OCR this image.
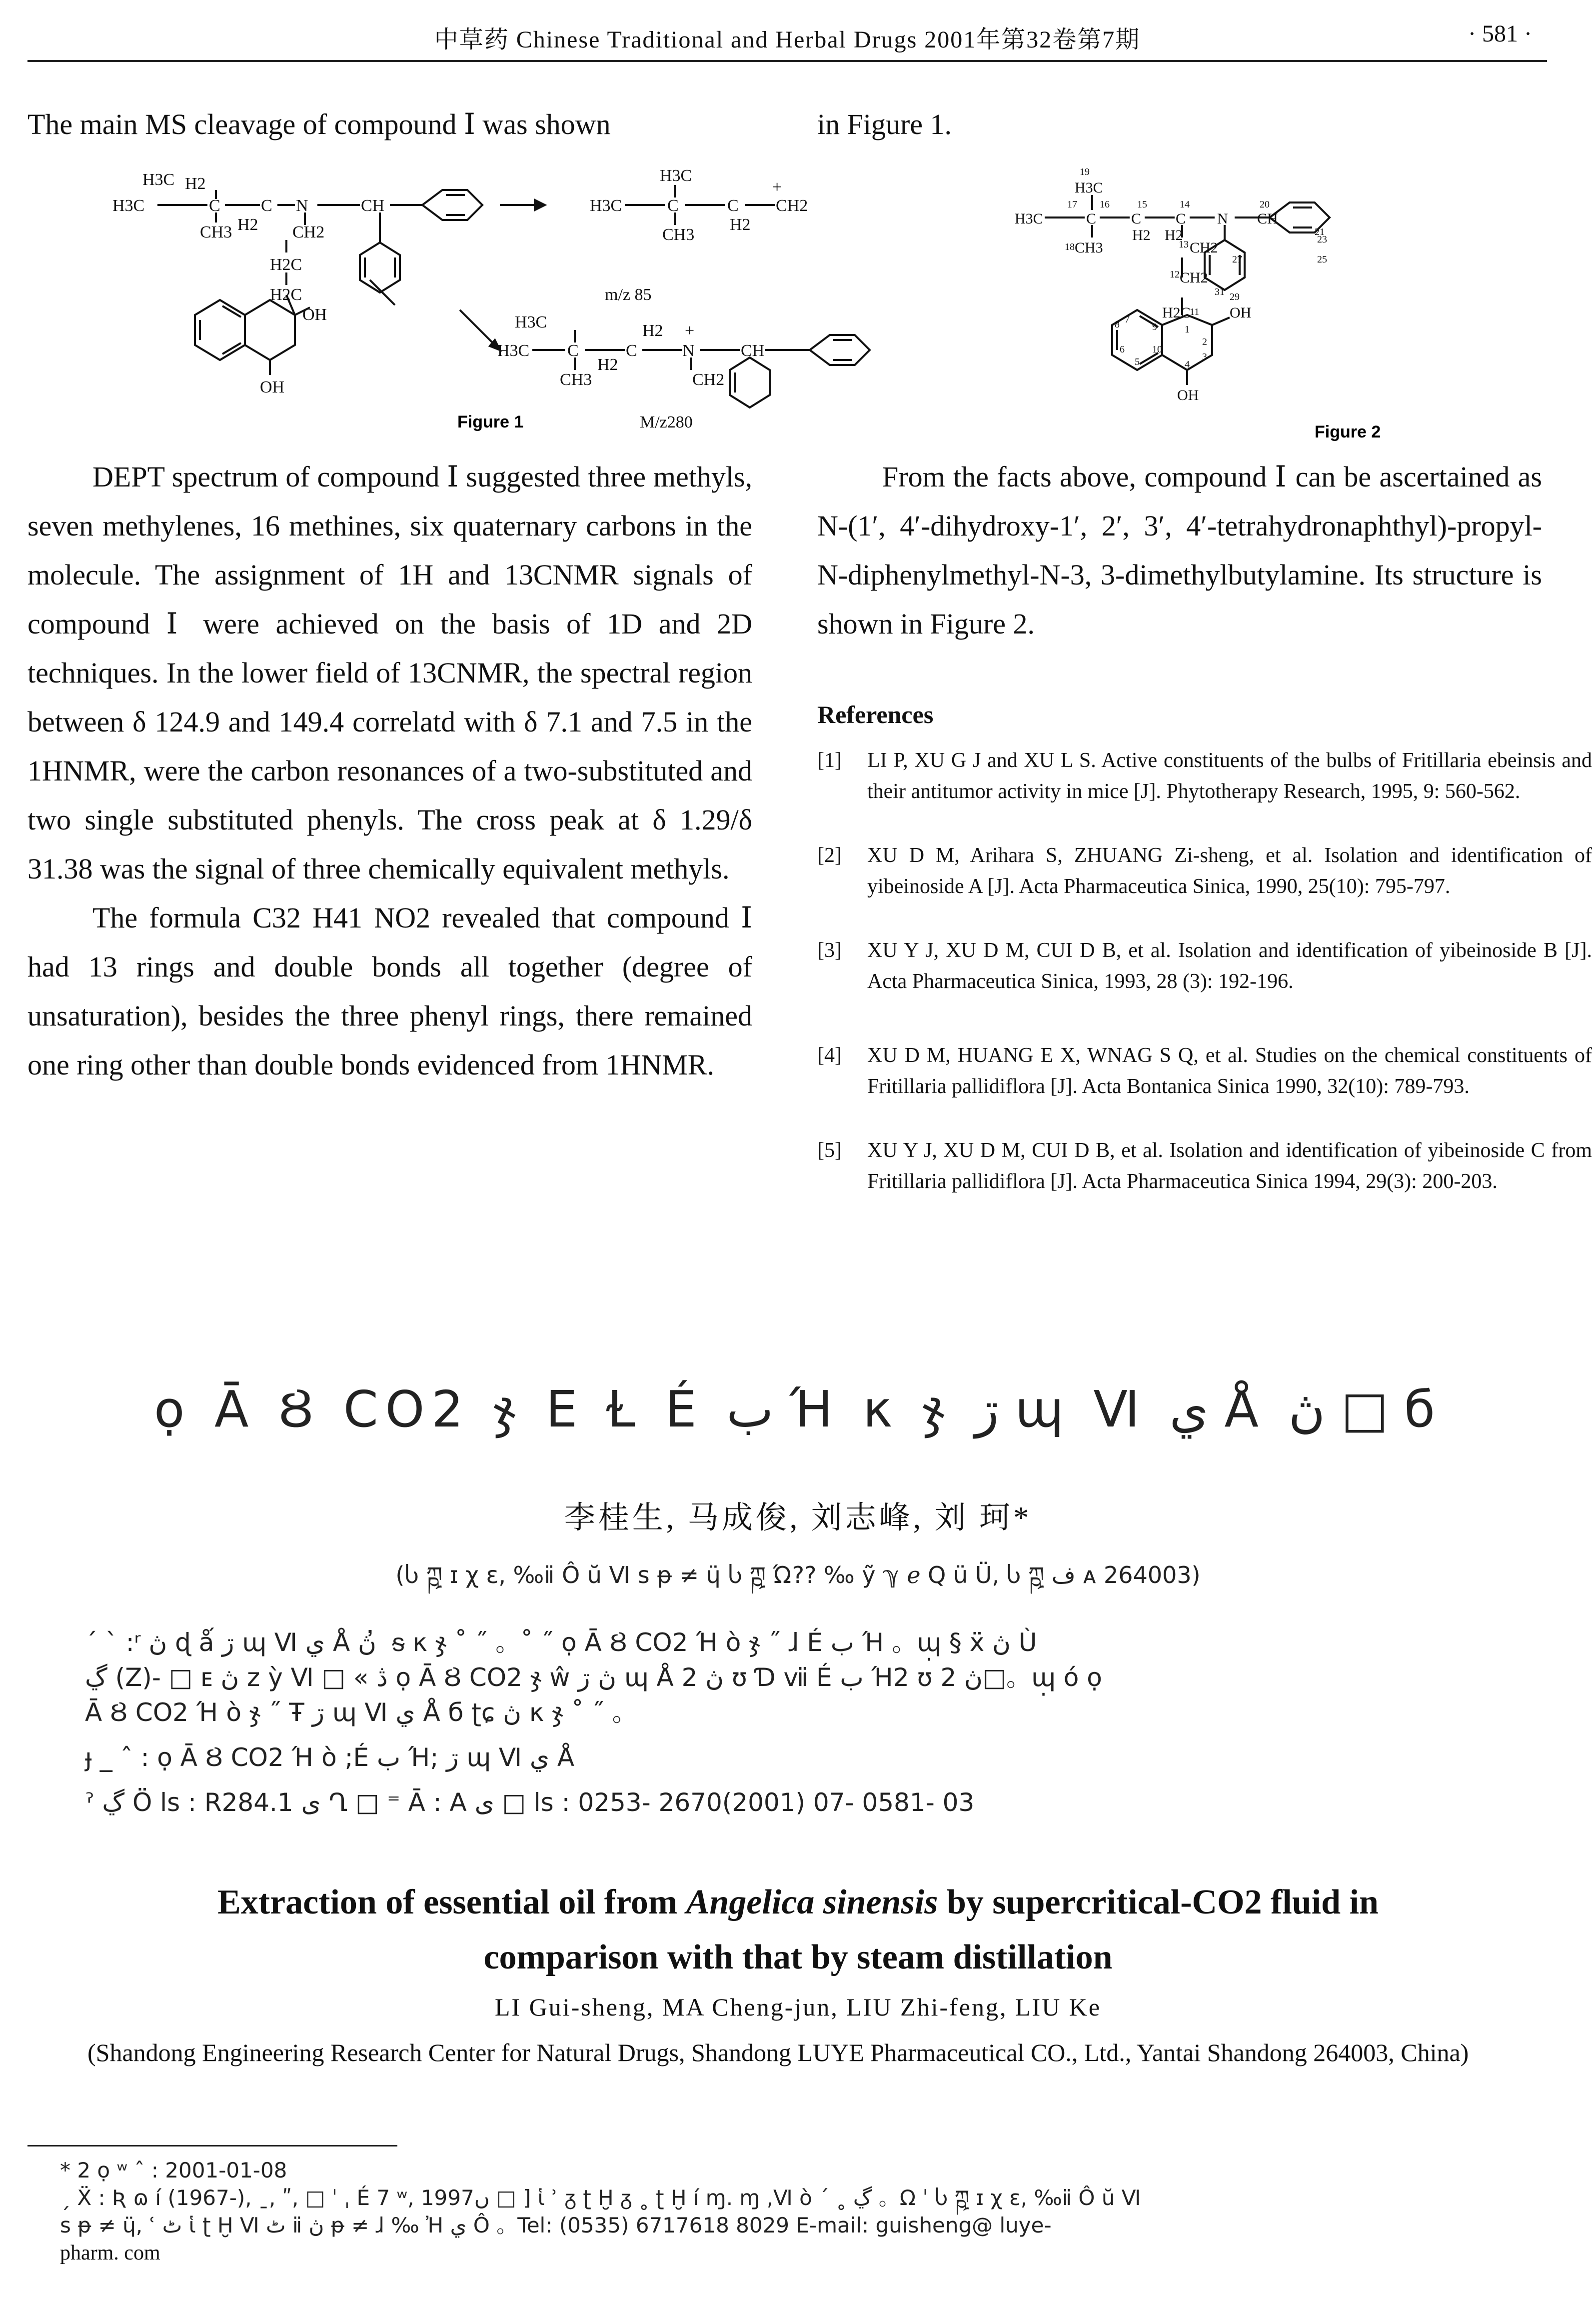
中草药 Chinese Traditional and Herbal Drugs 2001年第32卷第7期	· 581 ·
The main MS cleavage of compound Ⅰ was shown	in Figure 1.
H3C H2
H3C	C C N	CH
CH3 H2 CH2
H2C
H2C
OH
OH
H3C
H3C	C	C
+
CH2
CH3
H2
m/z 85
H3C
H3C C	C	N	CH
H2 +
H2
CH3	CH2
M/z280
Figure 1
H3C
H3C	C C C N CH
CH3
H2 H2
CH2
CH2
H2C	OH
OH
19
17 16	15	14
18	13
20
21
23
25
27
12
31 29
11
1
2
3
4
7
8	9
10
6
5
Figure 2

DEPT spectrum of compound Ⅰ suggested three methyls, seven methylenes, 16 methines, six quaternary carbons in the molecule. The assignment of 1H and 13CNMR signals of compound Ⅰ were achieved on the basis of 1D and 2D techniques. In the lower field of 13CNMR, the spectral region between δ 124.9 and 149.4 correlatd with δ 7.1 and 7.5 in the 1HNMR, were the carbon resonances of a two-substituted and two single substituted phenyls. The cross peak at δ 1.29/δ 31.38 was the signal of three chemically equivalent methyls.

The formula C32 H41 NO2 revealed that compound Ⅰ had 13 rings and double bonds all together (degree of unsaturation), besides the three phenyl rings, there remained one ring other than double bonds evidenced from 1HNMR.

From the facts above, compound Ⅰ can be ascertained as N-(1′, 4′-dihydroxy-1′, 2′, 3′, 4′-tetrahydronaphthyl)-propyl-N-diphenylmethyl-N-3, 3-dimethylbutylamine. Its structure is shown in Figure 2.

References
[1] LI P, XU G J and XU L S. Active constituents of the bulbs of Fritillaria ebeinsis and their antitumor activity in mice [J]. Phytotherapy Research, 1995, 9: 560-562.
[2] XU D M, Arihara S, ZHUANG Zi-sheng, et al. Isolation and identification of yibeinoside A [J]. Acta Pharmaceutica Sinica, 1990, 25(10): 795-797.
[3] XU Y J, XU D M, CUI D B, et al. Isolation and identification of yibeinoside B [J]. Acta Pharmaceutica Sinica, 1993, 28 (3): 192-196.
[4] XU D M, HUANG E X, WNAG S Q, et al. Studies on the chemical constituents of Fritillaria pallidiflora [J]. Acta Bontanica Sinica 1990, 32(10): 789-793.
[5] XU Y J, XU D M, CUI D B, et al. Isolation and identification of yibeinoside C from Fritillaria pallidiflora [J]. Acta Pharmaceutica Sinica 1994, 29(3): 200-203.
ọ Ā Ȣ CO2 ჯ ⴹ Ɫ É ب Ή κ ჯ ڗ ɰ Ⅵ ي Å ڽ □ б
李桂生, 马成俊, 刘志峰, 刘 珂*
(Ⴑ ཀྵ ɪ χ ε, ‰ⅱ Ô ŭ Ⅵ s ᵽ ≠ ɥ̈ Ⴑ ཀྵ Ώ?? ‰ ỹ ℽ ℯ Q ü Ü, Ⴑ ཀྵ ف ᴀ 264003)
ˊ ˋ :ʳ ڽ ɖ ǻ ڗ ɰ Ⅵ ي Å ڽ ̓ ᵴ κ ჯ ˚ ˝ 。˚ ˝ ọ Ā Ȣ CO2 Ή ò ჯ ˝ ɺ É ب Ή 。ɰ̣ § ẍ ڽ Ù
ڲ (Z)- □ ᴇ ڽ z ỳ Ⅵ □ « ڎ ọ Ā Ȣ CO2 ჯ ŵ ڽ ڗ ɰ Å ڽ 2 ʊ Ɗ ⅶ É ب Ή2 ʊ ڽ 2□。ɰ̣ ó ọ
Ā Ȣ CO2 Ή ò ჯ ˝ Ŧ ڗ ɰ Ⅵ ي Å б ʈɕ ڽ κ ჯ ˚ ˝ 。
ɟ _ ˆ : ọ Ā Ȣ CO2 Ή ò ;É ب Ή; ڗ ɰ Ⅵ ي Å
ˀ ڲ Ö ls : R284.1 ى Ղ □ ⁼ Ā : A ى □ ls : 0253- 2670(2001) 07- 0581- 03
Extraction of essential oil from Angelica sinensis by supercritical-CO2 fluid in
comparison with that by steam distillation
LI Gui-sheng, MA Cheng-jun, LIU Zhi-feng, LIU Ke
(Shandong Engineering Research Center for Natural Drugs, Shandong LUYE Pharmaceutical CO., Ltd., Yantai Shandong 264003, China)
* 2 ọ ʷ ˆ : 2001-01-08
ˏ Ẍ : Ʀ ɷ í (1967-), ˍ, ʺ, □ ˈ ˌ É 7 ʷ, 1997ں □ ] ἱ ʾ ᵹ ʈ Ḫ ᵹ ˳ ʈ Ḫ í ɱ. ɱ ,Ⅵ ò ˊ ˳ ڲ 。Ω ˈ Ⴑ ཀྵ ɪ χ ε, ‰ⅱ Ô ŭ Ⅵ
s ᵽ ≠ ɥ̈, ʿ ٹ ἱ ʈ Ḫ Ⅵ ٹ ⅱ ڽ ᵽ ≠ ɺ ‰ Ἠ ي Ô 。Tel: (0535) 6717618 8029 E-mail: guisheng@ luye-
pharm. com
